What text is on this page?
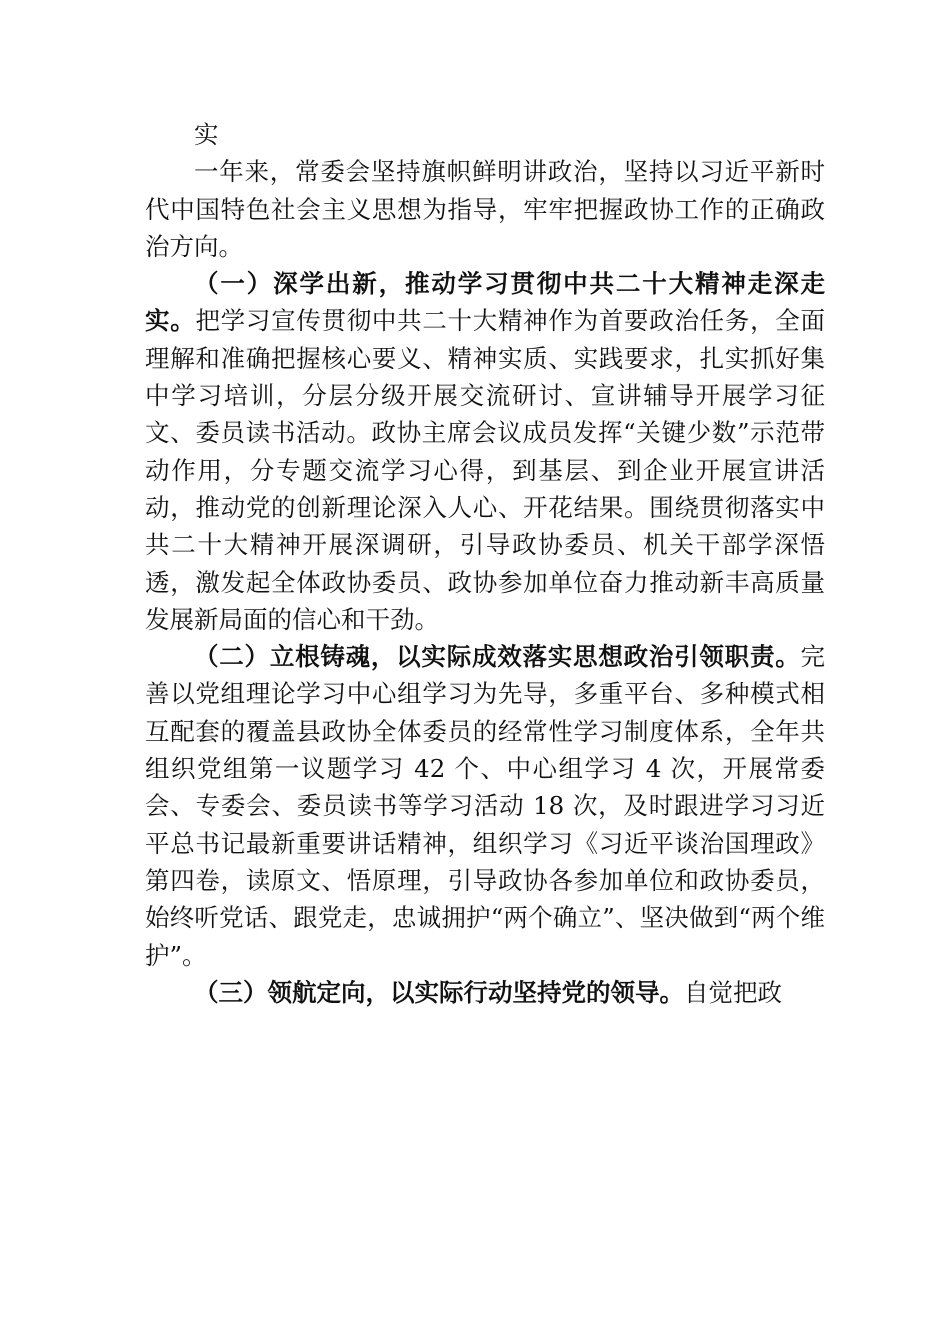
实

一年来，常委会坚持旗帜鲜明讲政治，坚持以习近平新时代中国特色社会主义思想为指导，牢牢把握政协工作的正确政治方向。

（一）深学出新，推动学习贯彻中共二十大精神走深走实。把学习宣传贯彻中共二十大精神作为首要政治任务，全面理解和准确把握核心要义、精神实质、实践要求，扎实抓好集中学习培训，分层分级开展交流研讨、宣讲辅导开展学习征文、委员读书活动。政协主席会议成员发挥“关键少数”示范带动作用，分专题交流学习心得，到基层、到企业开展宣讲活动，推动党的创新理论深入人心、开花结果。围绕贯彻落实中共二十大精神开展深调研，引导政协委员、机关干部学深悟透，激发起全体政协委员、政协参加单位奋力推动新丰高质量发展新局面的信心和干劲。

（二）立根铸魂，以实际成效落实思想政治引领职责。完善以党组理论学习中心组学习为先导，多重平台、多种模式相互配套的覆盖县政协全体委员的经常性学习制度体系，全年共组织党组第一议题学习 42 个、中心组学习 4 次，开展常委会、专委会、委员读书等学习活动 18 次，及时跟进学习习近平总书记最新重要讲话精神，组织学习《习近平谈治国理政》第四卷，读原文、悟原理，引导政协各参加单位和政协委员，始终听党话、跟党走，忠诚拥护“两个确立”、坚决做到“两个维护”。

（三）领航定向，以实际行动坚持党的领导。自觉把政
